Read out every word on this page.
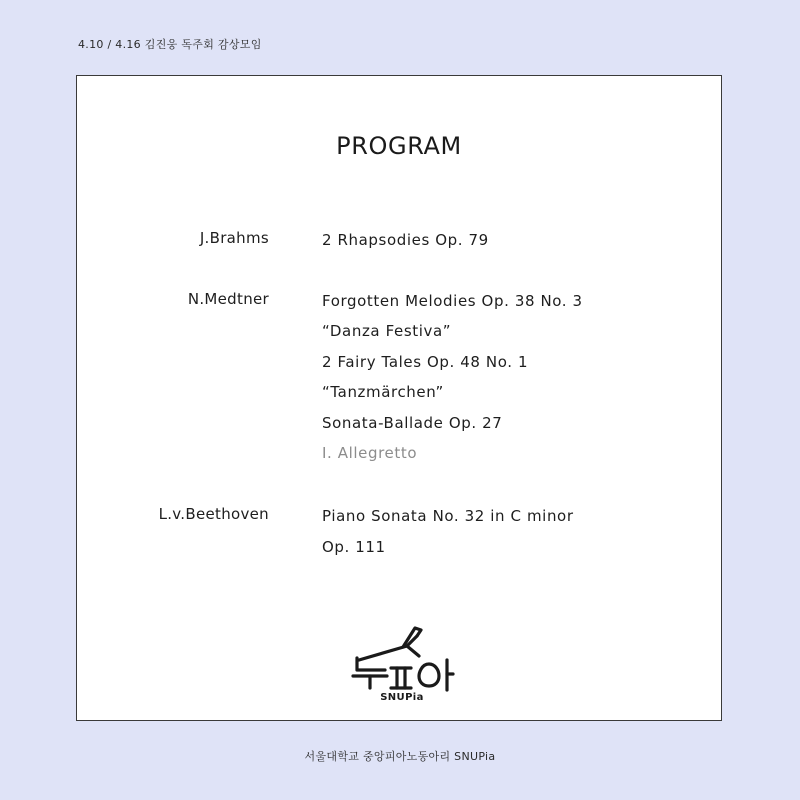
4.10 / 4.16 김진웅 독주회 감상모임
PROGRAM
J.Brahms	2 Rhapsodies Op. 79
N.Medtner	Forgotten Melodies Op. 38 No. 3
“Danza Festiva”
2 Fairy Tales Op. 48 No. 1
“Tanzmärchen”
Sonata-Ballade Op. 27
I. Allegretto
L.v.Beethoven	Piano Sonata No. 32 in C minor
Op. 111
SNUPia
서울대학교 중앙피아노동아리 SNUPia
